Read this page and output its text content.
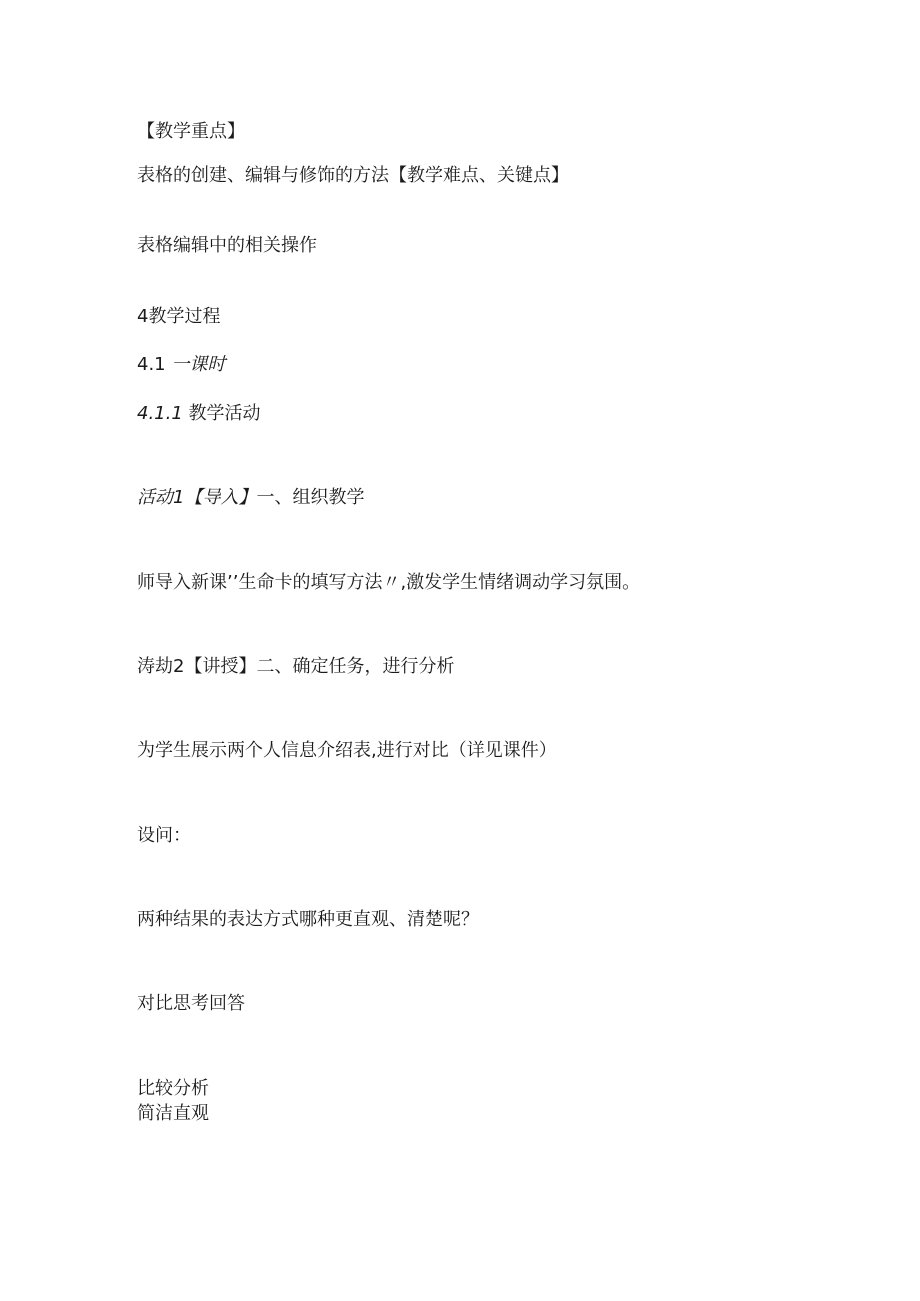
【教学重点】
表格的创建、编辑与修饰的方法【教学难点、关键点】
表格编辑中的相关操作
4教学过程
4.1 一课时
4.1.1 教学活动
活动1【导入】一、组织教学
师导入新课’’生命卡的填写方法〃,激发学生情绪调动学习氛围。
涛劫2【讲授】二、确定任务，进行分析
为学生展示两个人信息介绍表,进行对比（详见课件）
设问：
两种结果的表达方式哪种更直观、清楚呢？
对比思考回答
比较分析
简洁直观
